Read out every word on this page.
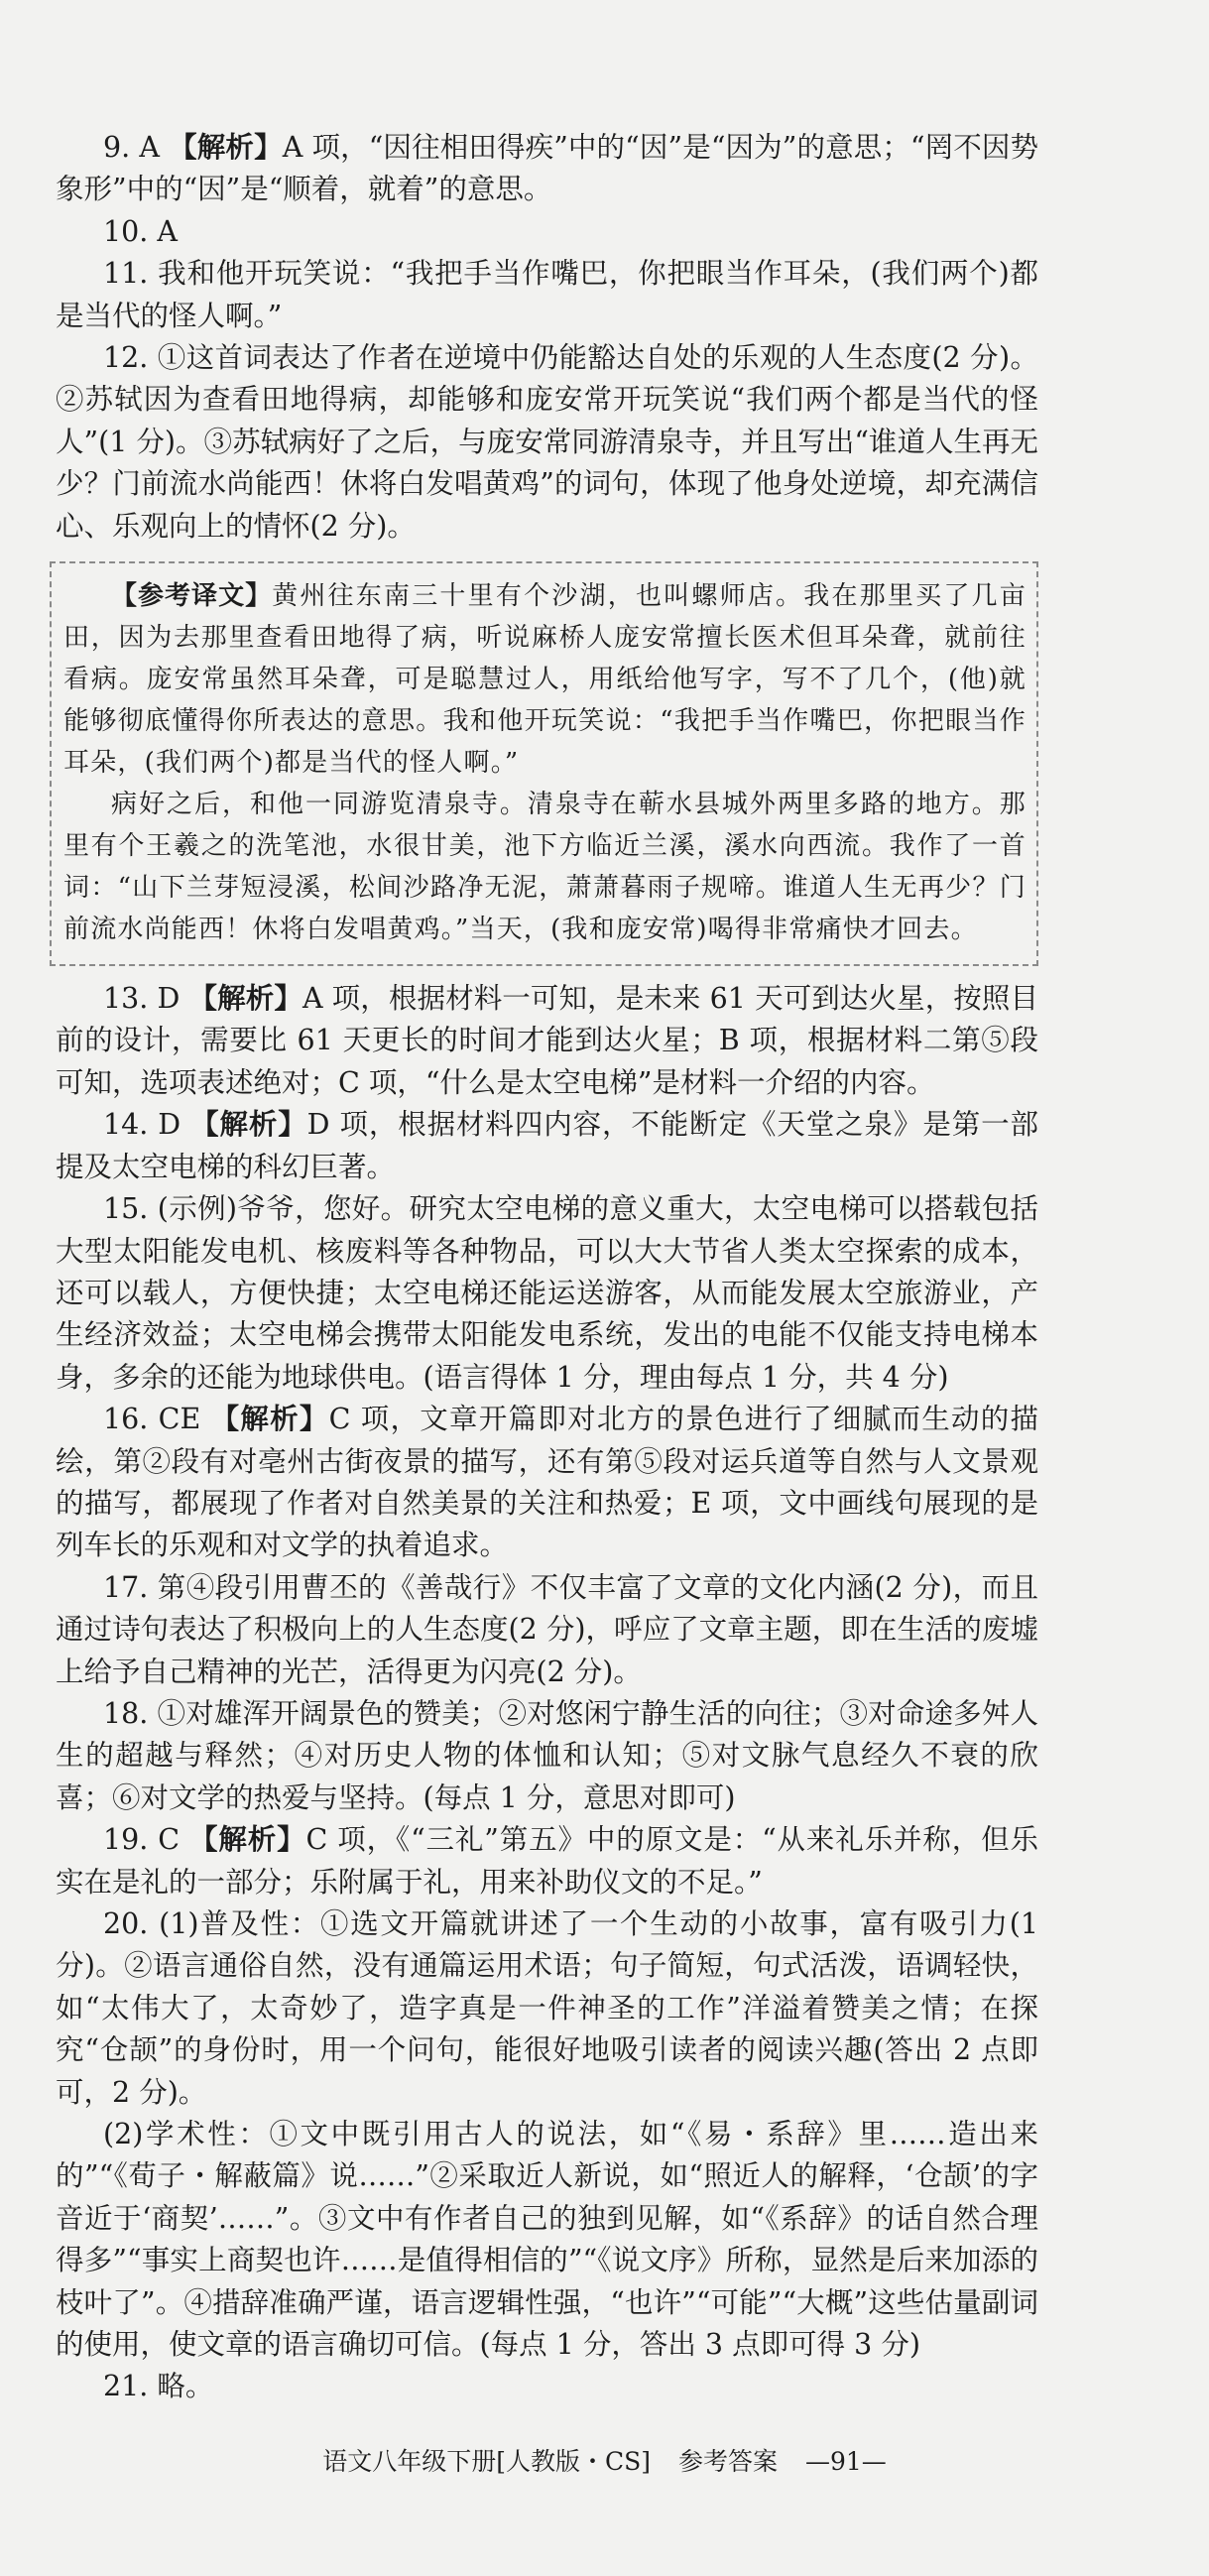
9. A 【解析】A 项，“因往相田得疾”中的“因”是“因为”的意思；“罔不因势象形”中的“因”是“顺着，就着”的意思。

10. A

11. 我和他开玩笑说：“我把手当作嘴巴，你把眼当作耳朵，(我们两个)都是当代的怪人啊。”

12. ①这首词表达了作者在逆境中仍能豁达自处的乐观的人生态度(2 分)。②苏轼因为查看田地得病，却能够和庞安常开玩笑说“我们两个都是当代的怪人”(1 分)。③苏轼病好了之后，与庞安常同游清泉寺，并且写出“谁道人生再无少？门前流水尚能西！休将白发唱黄鸡”的词句，体现了他身处逆境，却充满信心、乐观向上的情怀(2 分)。

【参考译文】黄州往东南三十里有个沙湖，也叫螺师店。我在那里买了几亩田，因为去那里查看田地得了病，听说麻桥人庞安常擅长医术但耳朵聋，就前往看病。庞安常虽然耳朵聋，可是聪慧过人，用纸给他写字，写不了几个，(他)就能够彻底懂得你所表达的意思。我和他开玩笑说：“我把手当作嘴巴，你把眼当作耳朵，(我们两个)都是当代的怪人啊。”

病好之后，和他一同游览清泉寺。清泉寺在蕲水县城外两里多路的地方。那里有个王羲之的洗笔池，水很甘美，池下方临近兰溪，溪水向西流。我作了一首词：“山下兰芽短浸溪，松间沙路净无泥，萧萧暮雨子规啼。谁道人生无再少？门前流水尚能西！休将白发唱黄鸡。”当天，(我和庞安常)喝得非常痛快才回去。

13. D 【解析】A 项，根据材料一可知，是未来 61 天可到达火星，按照目前的设计，需要比 61 天更长的时间才能到达火星；B 项，根据材料二第⑤段可知，选项表述绝对；C 项，“什么是太空电梯”是材料一介绍的内容。

14. D 【解析】D 项，根据材料四内容，不能断定《天堂之泉》是第一部提及太空电梯的科幻巨著。

15. (示例)爷爷，您好。研究太空电梯的意义重大，太空电梯可以搭载包括大型太阳能发电机、核废料等各种物品，可以大大节省人类太空探索的成本，还可以载人，方便快捷；太空电梯还能运送游客，从而能发展太空旅游业，产生经济效益；太空电梯会携带太阳能发电系统，发出的电能不仅能支持电梯本身，多余的还能为地球供电。(语言得体 1 分，理由每点 1 分，共 4 分)

16. CE 【解析】C 项，文章开篇即对北方的景色进行了细腻而生动的描绘，第②段有对亳州古街夜景的描写，还有第⑤段对运兵道等自然与人文景观的描写，都展现了作者对自然美景的关注和热爱；E 项，文中画线句展现的是列车长的乐观和对文学的执着追求。

17. 第④段引用曹丕的《善哉行》不仅丰富了文章的文化内涵(2 分)，而且通过诗句表达了积极向上的人生态度(2 分)，呼应了文章主题，即在生活的废墟上给予自己精神的光芒，活得更为闪亮(2 分)。

18. ①对雄浑开阔景色的赞美；②对悠闲宁静生活的向往；③对命途多舛人生的超越与释然；④对历史人物的体恤和认知；⑤对文脉气息经久不衰的欣喜；⑥对文学的热爱与坚持。(每点 1 分，意思对即可)

19. C 【解析】C 项，《“三礼”第五》中的原文是：“从来礼乐并称，但乐实在是礼的一部分；乐附属于礼，用来补助仪文的不足。”

20. (1)普及性：①选文开篇就讲述了一个生动的小故事，富有吸引力(1 分)。②语言通俗自然，没有通篇运用术语；句子简短，句式活泼，语调轻快，如“太伟大了，太奇妙了，造字真是一件神圣的工作”洋溢着赞美之情；在探究“仓颉”的身份时，用一个问句，能很好地吸引读者的阅读兴趣(答出 2 点即可，2 分)。

(2)学术性：①文中既引用古人的说法，如“《易・系辞》里……造出来的”“《荀子・解蔽篇》说……”②采取近人新说，如“照近人的解释，‘仓颉’的字音近于‘商契’……”。③文中有作者自己的独到见解，如“《系辞》的话自然合理得多”“事实上商契也许……是值得相信的”“《说文序》所称，显然是后来加添的枝叶了”。④措辞准确严谨，语言逻辑性强，“也许”“可能”“大概”这些估量副词的使用，使文章的语言确切可信。(每点 1 分，答出 3 点即可得 3 分)

21. 略。

语文八年级下册[人教版・CS] 参考答案 —91—
